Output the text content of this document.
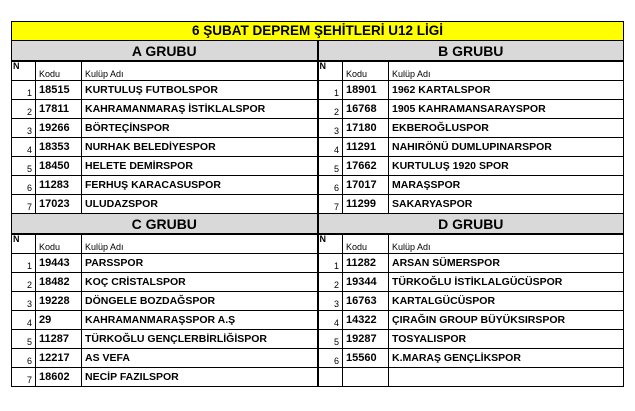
6 ŞUBAT DEPREM ŞEHİTLERİ U12 LİGİ
A GRUBU
N	Kodu	Kulüp Adı
1	18515	KURTULUŞ FUTBOLSPOR
2	17811	KAHRAMANMARAŞ İSTİKLALSPOR
3	19266	BÖRTEÇİNSPOR
4	18353	NURHAK BELEDİYESPOR
5	18450	HELETE DEMİRSPOR
6	11283	FERHUŞ KARACASUSPOR
7	17023	ULUDAZSPOR
B GRUBU
N	Kodu	Kulüp Adı
1	18901	1962 KARTALSPOR
2	16768	1905 KAHRAMANSARAYSPOR
3	17180	EKBEROĞLUSPOR
4	11291	NAHIRÖNÜ DUMLUPINARSPOR
5	17662	KURTULUŞ 1920 SPOR
6	17017	MARAŞSPOR
7	11299	SAKARYASPOR
C GRUBU
N	Kodu	Kulüp Adı
1	19443	PARSSPOR
2	18482	KOÇ CRİSTALSPOR
3	19228	DÖNGELE BOZDAĞSPOR
4	29	KAHRAMANMARAŞSPOR A.Ş
5	11287	TÜRKOĞLU GENÇLERBİRLİĞİSPOR
6	12217	AS VEFA
7	18602	NECİP FAZILSPOR
D GRUBU
N	Kodu	Kulüp Adı
1	11282	ARSAN SÜMERSPOR
2	19344	TÜRKOĞLU İSTİKLALGÜCÜSPOR
3	16763	KARTALGÜCÜSPOR
4	14322	ÇIRAĞIN GROUP BÜYÜKSIRSPOR
5	19287	TOSYALISPOR
6	15560	K.MARAŞ GENÇLİKSPOR
